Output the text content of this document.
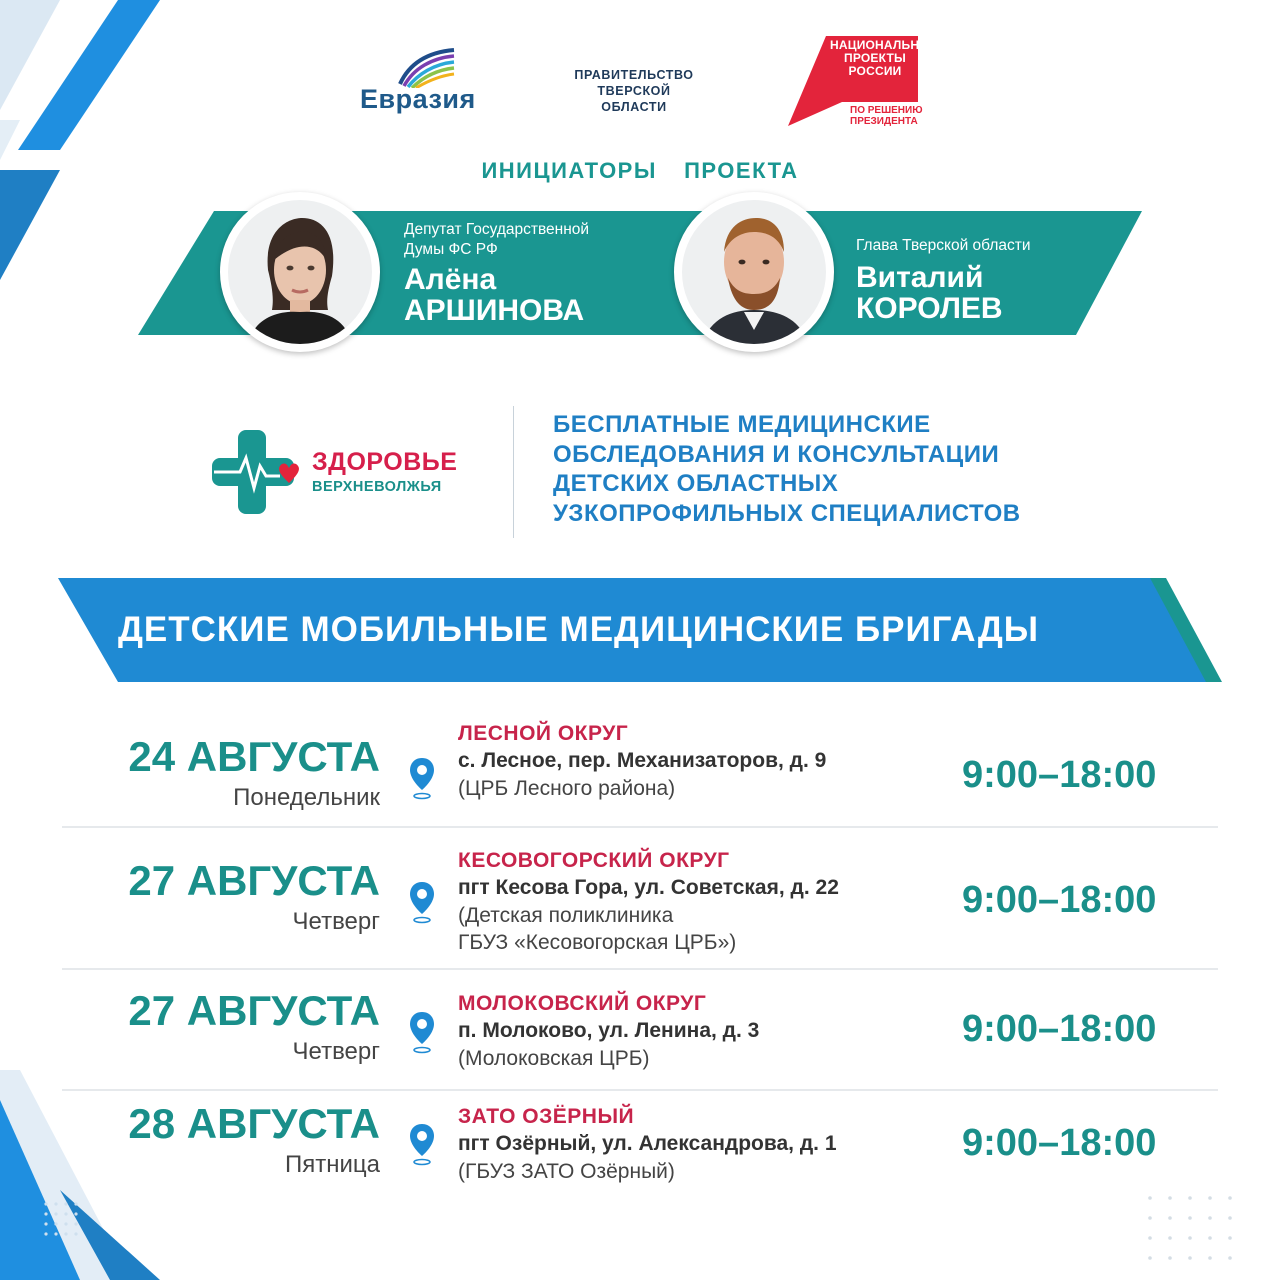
Евразия
ПРАВИТЕЛЬСТВО
ТВЕРСКОЙ
ОБЛАСТИ
НАЦИОНАЛЬНЫЕ
ПРОЕКТЫ
РОССИИ
ПО РЕШЕНИЮ
ПРЕЗИДЕНТА
ИНИЦИАТОРЫ  ПРОЕКТА
Депутат Государственной
Думы ФС РФ
Алёна
АРШИНОВА
Глава Тверской области
Виталий
КОРОЛЕВ
ЗДОРОВЬЕ
ВЕРХНЕВОЛЖЬЯ
БЕСПЛАТНЫЕ МЕДИЦИНСКИЕ
ОБСЛЕДОВАНИЯ И КОНСУЛЬТАЦИИ
ДЕТСКИХ ОБЛАСТНЫХ
УЗКОПРОФИЛЬНЫХ СПЕЦИАЛИСТОВ
ДЕТСКИЕ МОБИЛЬНЫЕ МЕДИЦИНСКИЕ БРИГАДЫ
24 АВГУСТА
Понедельник
ЛЕСНОЙ ОКРУГ
с. Лесное, пер. Механизаторов, д. 9
(ЦРБ Лесного района)	9:00–18:00
27 АВГУСТА
Четверг
КЕСОВОГОРСКИЙ ОКРУГ
пгт Кесова Гора, ул. Советская, д. 22
(Детская поликлиника
ГБУЗ «Кесовогорская ЦРБ»)
9:00–18:00
27 АВГУСТА
Четверг
МОЛОКОВСКИЙ ОКРУГ
п. Молоково, ул. Ленина, д. 3
(Молоковская ЦРБ)
9:00–18:00
28 АВГУСТА
Пятница
ЗАТО ОЗЁРНЫЙ
пгт Озёрный, ул. Александрова, д. 1
(ГБУЗ ЗАТО Озёрный)
9:00–18:00
